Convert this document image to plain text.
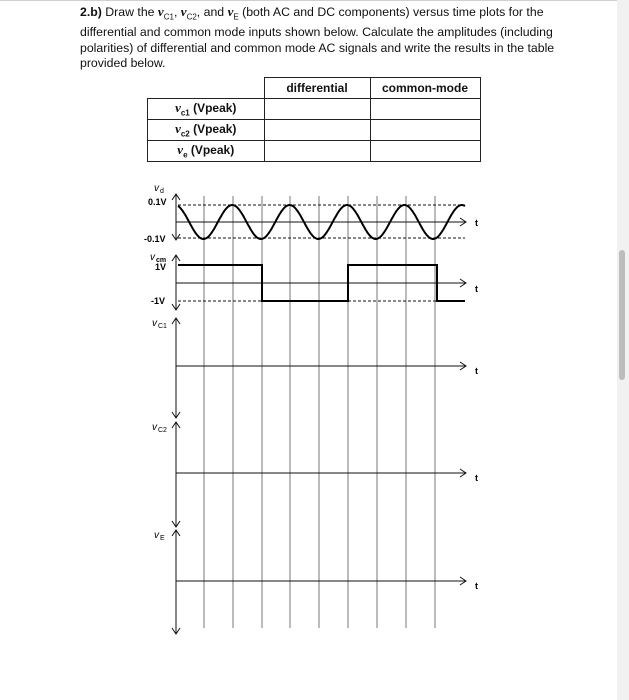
2.b) Draw the $v_{C1}$, $v_{C2}$, and $v_E$ (both AC and DC components) versus time plots for the differential and common mode inputs shown below. Calculate the amplitudes (including polarities) of differential and common mode AC signals and write the results in the table provided below.
	differential	common-mode
$v_{c1}$ (Vpeak)		
$v_{c2}$ (Vpeak)		
$v_e$ (Vpeak)		
v d
0.1V
-0.1V
t
v cm
1V
-1V
t
v C1
t
v C2
t
v E
t
